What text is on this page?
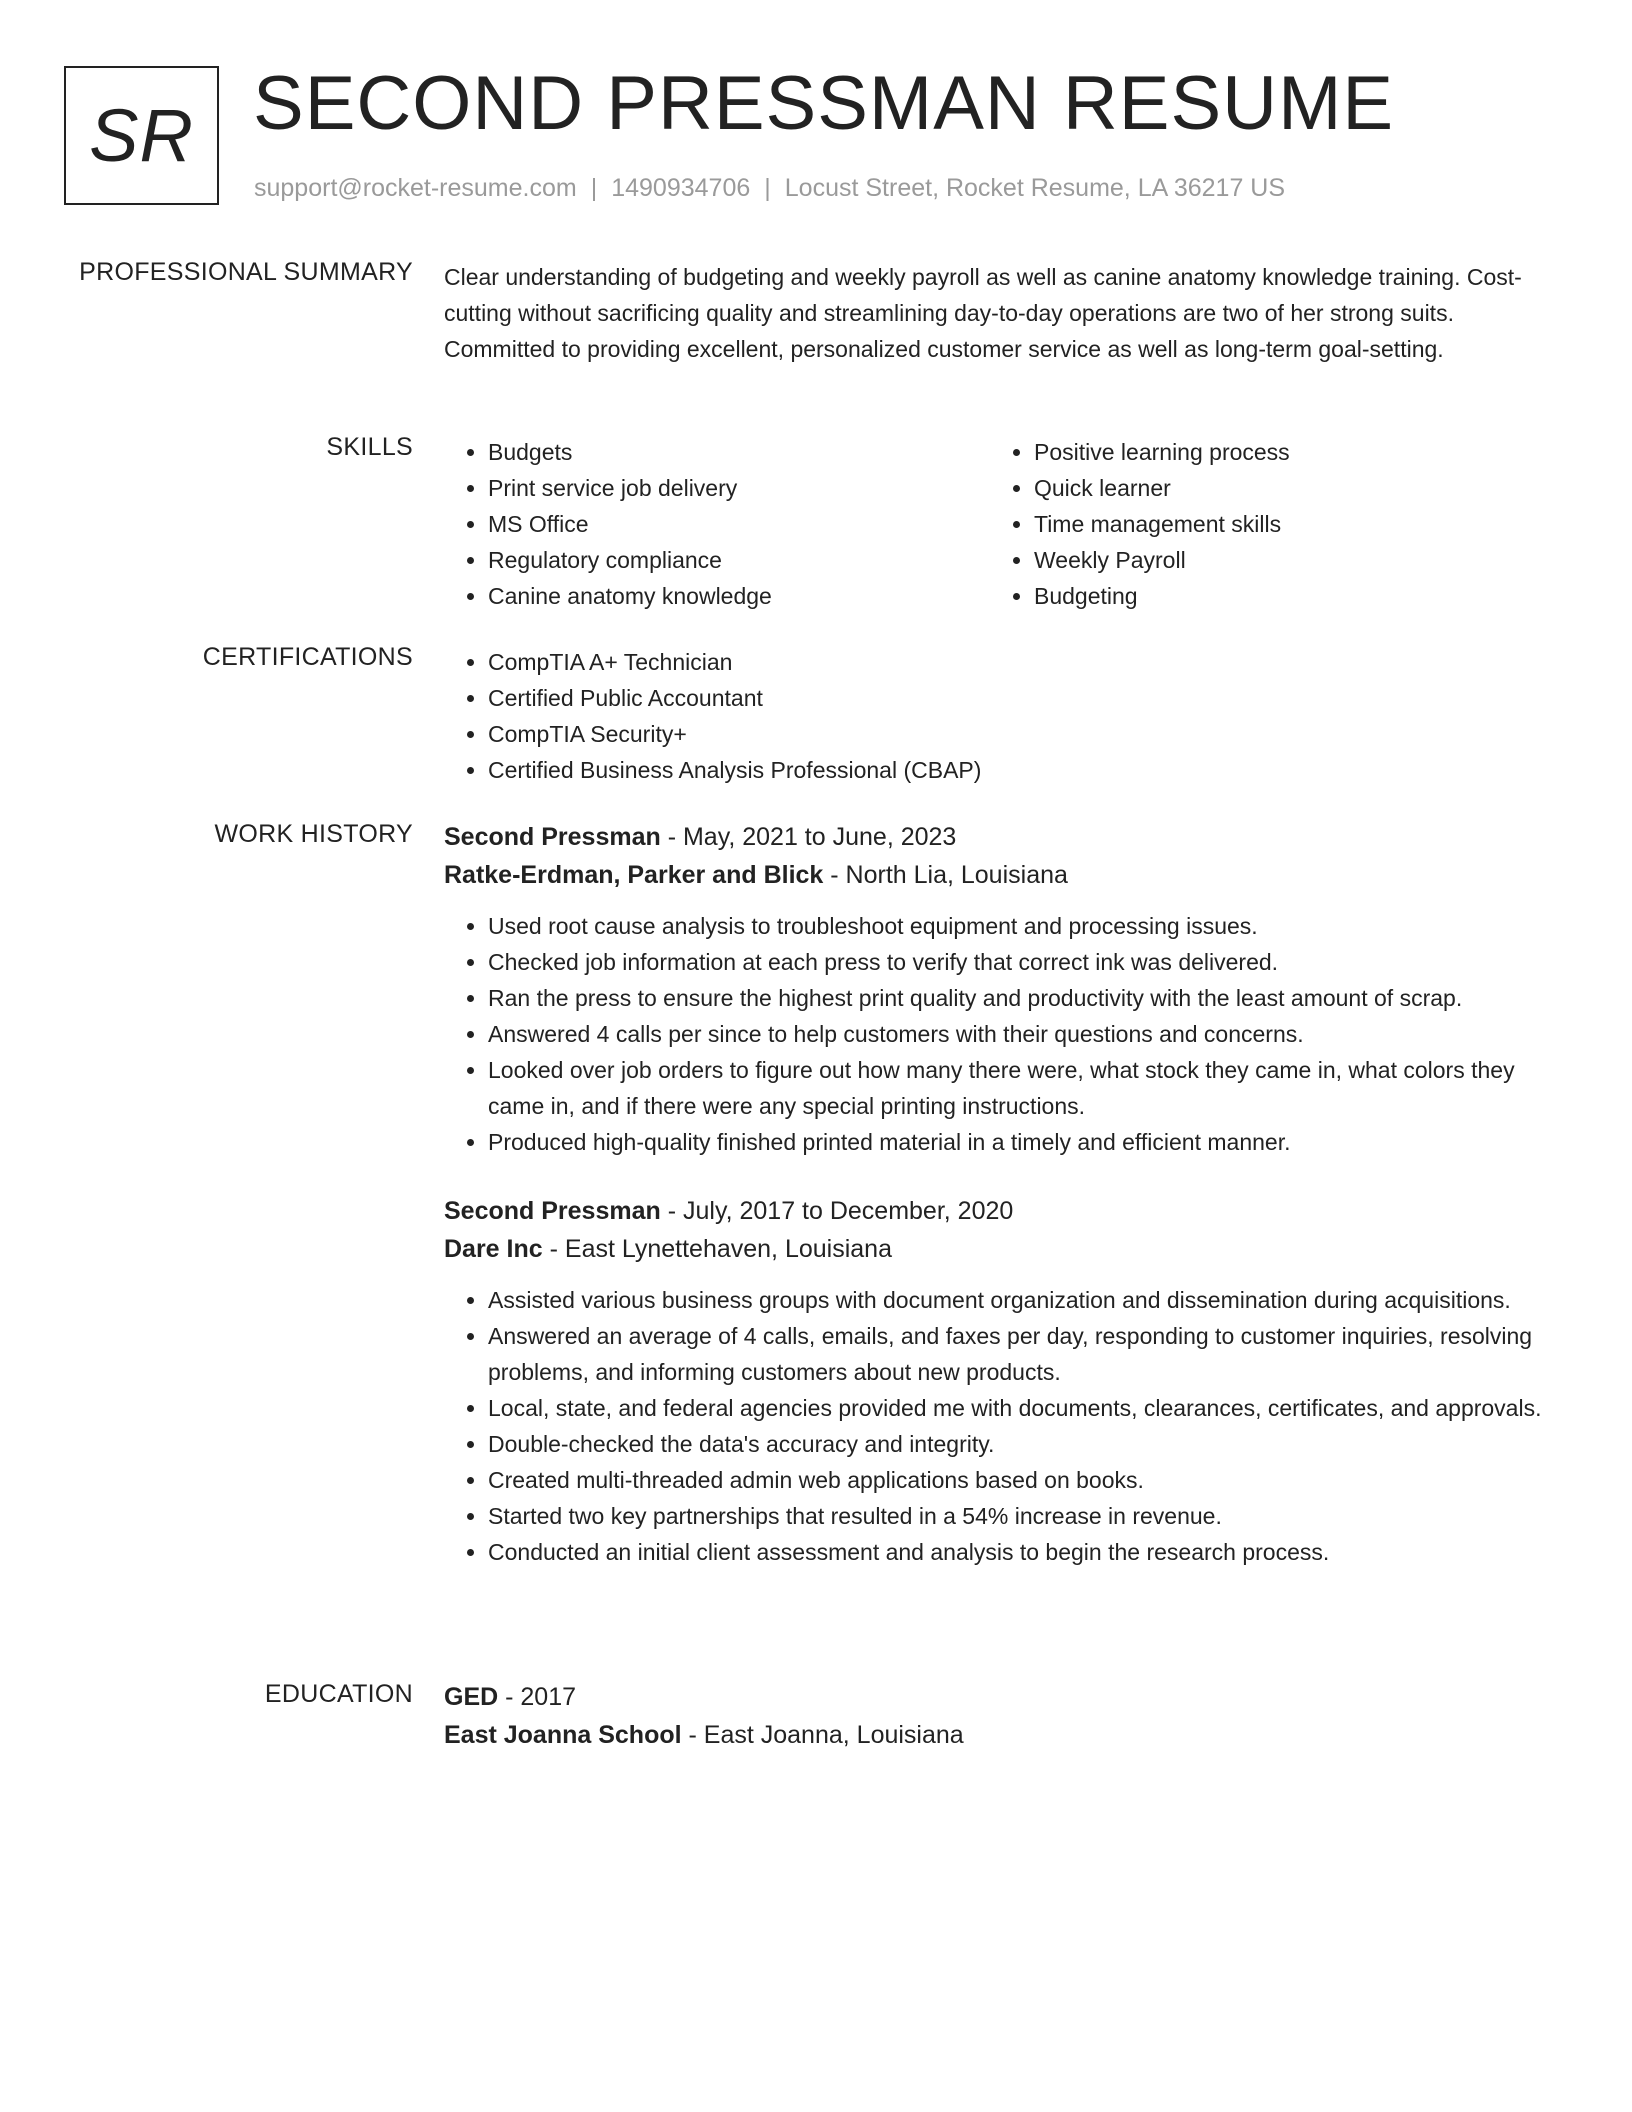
SR SECOND PRESSMAN RESUME
support@rocket-resume.com | 1490934706 | Locust Street, Rocket Resume, LA 36217 US
PROFESSIONAL SUMMARY Clear understanding of budgeting and weekly payroll as well as canine anatomy knowledge training. Cost-cutting without sacrificing quality and streamlining day-to-day operations are two of her strong suits. Committed to providing excellent, personalized customer service as well as long-term goal-setting.
SKILLS	• Budgets
• Print service job delivery
• MS Office
• Regulatory compliance
• Canine anatomy knowledge
• Positive learning process
• Quick learner
• Time management skills
• Weekly Payroll
• Budgeting
CERTIFICATIONS	• CompTIA A+ Technician
• Certified Public Accountant
• CompTIA Security+
• Certified Business Analysis Professional (CBAP)
WORK HISTORY Second Pressman - May, 2021 to June, 2023
Ratke-Erdman, Parker and Blick - North Lia, Louisiana
• Used root cause analysis to troubleshoot equipment and processing issues.
• Checked job information at each press to verify that correct ink was delivered.
• Ran the press to ensure the highest print quality and productivity with the least amount of scrap.
• Answered 4 calls per since to help customers with their questions and concerns.
• Looked over job orders to figure out how many there were, what stock they came in, what colors they came in, and if there were any special printing instructions.
• Produced high-quality finished printed material in a timely and efficient manner.
Second Pressman - July, 2017 to December, 2020
Dare Inc - East Lynettehaven, Louisiana
• Assisted various business groups with document organization and dissemination during acquisitions.
• Answered an average of 4 calls, emails, and faxes per day, responding to customer inquiries, resolving problems, and informing customers about new products.
• Local, state, and federal agencies provided me with documents, clearances, certificates, and approvals.
• Double-checked the data's accuracy and integrity.
• Created multi-threaded admin web applications based on books.
• Started two key partnerships that resulted in a 54% increase in revenue.
• Conducted an initial client assessment and analysis to begin the research process.
EDUCATION GED - 2017
East Joanna School - East Joanna, Louisiana
